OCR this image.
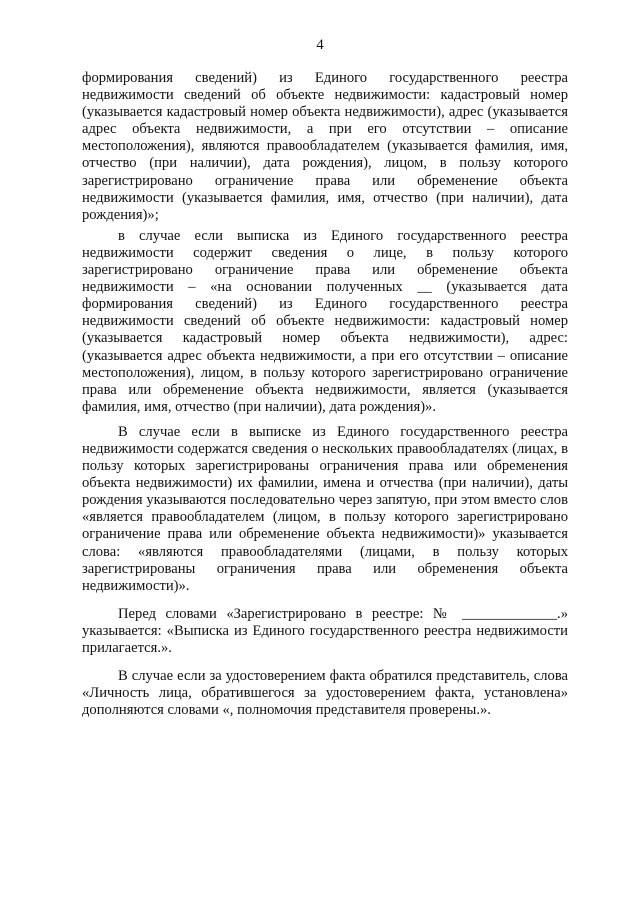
4

формирования сведений) из Единого государственного реестра недвижимости сведений об объекте недвижимости: кадастровый номер (указывается кадастровый номер объекта недвижимости), адрес (указывается адрес объекта недвижимости, а при его отсутствии – описание местоположения), являются правообладателем (указывается фамилия, имя, отчество (при наличии), дата рождения), лицом, в пользу которого зарегистрировано ограничение права или обременение объекта недвижимости (указывается фамилия, имя, отчество (при наличии), дата рождения)»;

в случае если выписка из Единого государственного реестра недвижимости содержит сведения о лице, в пользу которого зарегистрировано ограничение права или обременение объекта недвижимости – «на основании полученных __ (указывается дата формирования сведений) из Единого государственного реестра недвижимости сведений об объекте недвижимости: кадастровый номер (указывается кадастровый номер объекта недвижимости), адрес: (указывается адрес объекта недвижимости, а при его отсутствии – описание местоположения), лицом, в пользу которого зарегистрировано ограничение права или обременение объекта недвижимости, является (указывается фамилия, имя, отчество (при наличии), дата рождения)».

В случае если в выписке из Единого государственного реестра недвижимости содержатся сведения о нескольких правообладателях (лицах, в пользу которых зарегистрированы ограничения права или обременения объекта недвижимости) их фамилии, имена и отчества (при наличии), даты рождения указываются последовательно через запятую, при этом вместо слов «является правообладателем (лицом, в пользу которого зарегистрировано ограничение права или обременение объекта недвижимости)» указывается слова: «являются правообладателями (лицами, в пользу которых зарегистрированы ограничения права или обременения объекта недвижимости)».

Перед словами «Зарегистрировано в реестре: № _____________.» указывается: «Выписка из Единого государственного реестра недвижимости прилагается.».

В случае если за удостоверением факта обратился представитель, слова «Личность лица, обратившегося за удостоверением факта, установлена» дополняются словами «, полномочия представителя проверены.».
